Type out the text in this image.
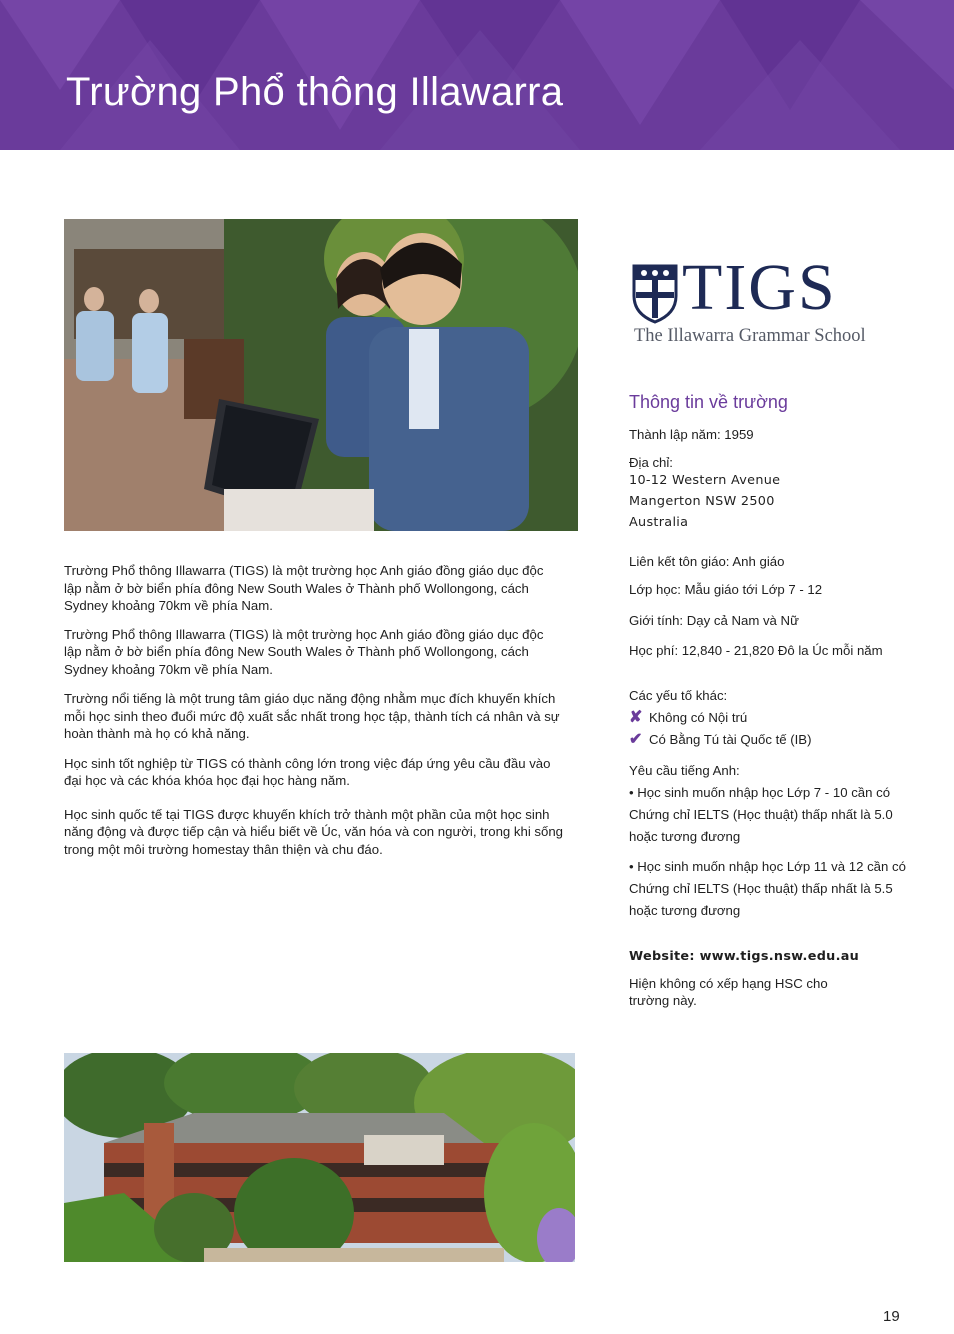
Trường Phổ thông Illawarra

Trường Phổ thông Illawarra (TIGS) là một trường học Anh giáo đồng giáo dục độc lập nằm ở bờ biển phía đông New South Wales ở Thành phố Wollongong, cách Sydney khoảng 70km về phía Nam.

Trường Phổ thông Illawarra (TIGS) là một trường học Anh giáo đồng giáo dục độc lập nằm ở bờ biển phía đông New South Wales ở Thành phố Wollongong, cách Sydney khoảng 70km về phía Nam.

Trường nổi tiếng là một trung tâm giáo dục năng động nhằm mục đích khuyến khích mỗi học sinh theo đuổi mức độ xuất sắc nhất trong học tập, thành tích cá nhân và sự hoàn thành mà họ có khả năng.

Học sinh tốt nghiệp từ TIGS có thành công lớn trong việc đáp ứng yêu cầu đầu vào đại học và các khóa khóa học đại học hàng năm.

Học sinh quốc tế tại TIGS được khuyến khích trở thành một phần của một học sinh năng động và được tiếp cận và hiểu biết về Úc, văn hóa và con người, trong khi sống trong một môi trường homestay thân thiện và chu đáo.

TIGS
The Illawarra Grammar School
Thông tin về trường
Thành lập năm: 1959
Địa chỉ:
10-12 Western Avenue
Mangerton NSW 2500
Australia
Liên kết tôn giáo: Anh giáo
Lớp học: Mẫu giáo tới Lớp 7 - 12
Giới tính: Dạy cả Nam và Nữ
Học phí: 12,840 - 21,820 Đô la Úc mỗi năm
Các yếu tố khác:
✘ Không có Nội trú
✔ Có Bằng Tú tài Quốc tế (IB)
Yêu cầu tiếng Anh:
• Học sinh muốn nhập học Lớp 7 - 10 cần có Chứng chỉ IELTS (Học thuật) thấp nhất là 5.0 hoặc tương đương
• Học sinh muốn nhập học Lớp 11 và 12 cần có Chứng chỉ IELTS (Học thuật) thấp nhất là 5.5 hoặc tương đương
Website: www.tigs.nsw.edu.au
Hiện không có xếp hạng HSC cho trường này.
19
